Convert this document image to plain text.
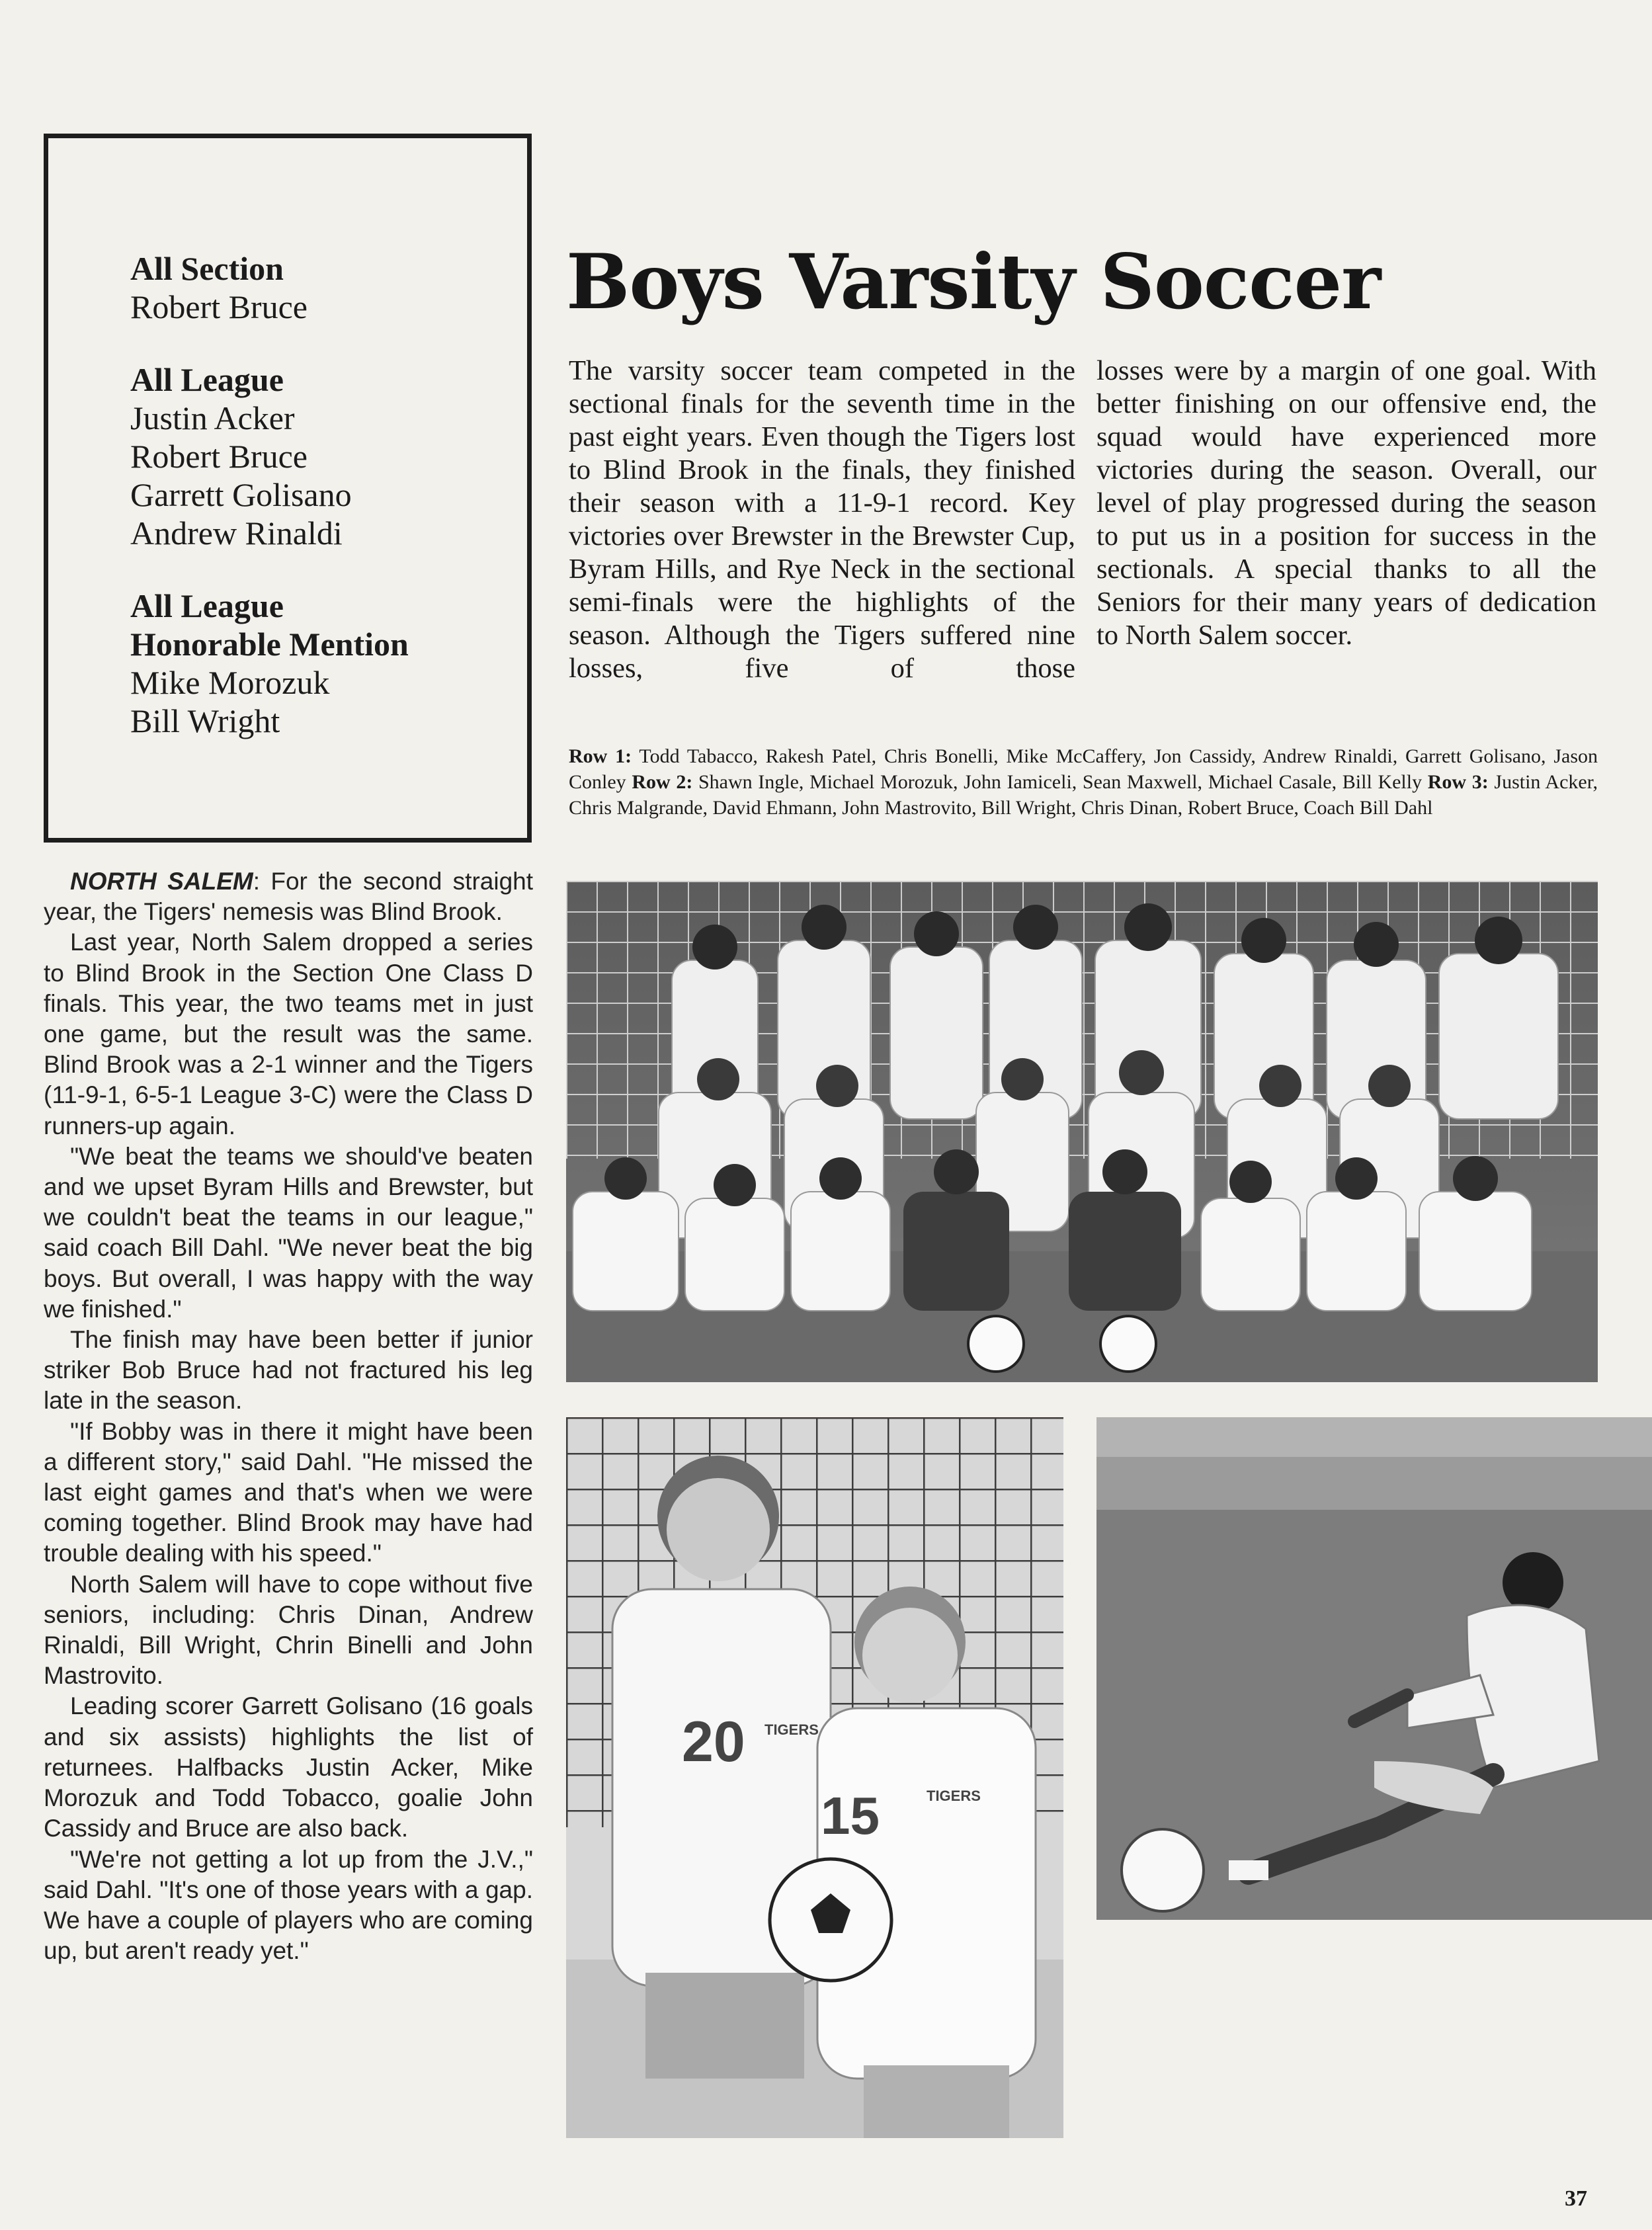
All Section
Robert Bruce
All League
Justin Acker
Robert Bruce
Garrett Golisano
Andrew Rinaldi
All League
Honorable Mention
Mike Morozuk
Bill Wright
Boys Varsity Soccer
The varsity soccer team competed in the sectional finals for the seventh time in the past eight years. Even though the Tigers lost to Blind Brook in the finals, they finished their season with a 11-9-1 record. Key victories over Brewster in the Brewster Cup, Byram Hills, and Rye Neck in the sectional semi-finals were the highlights of the season. Although the Tigers suffered nine losses, five of those
losses were by a margin of one goal. With better finishing on our offensive end, the squad would have experienced more victories during the season. Overall, our level of play progressed during the season to put us in a position for success in the sectionals. A special thanks to all the Seniors for their many years of dedication to North Salem soccer.
Row 1: Todd Tabacco, Rakesh Patel, Chris Bonelli, Mike McCaffery, Jon Cassidy, Andrew Rinaldi, Garrett Golisano, Jason Conley Row 2: Shawn Ingle, Michael Morozuk, John Iamiceli, Sean Maxwell, Michael Casale, Bill Kelly Row 3: Justin Acker, Chris Malgrande, David Ehmann, John Mastrovito, Bill Wright, Chris Dinan, Robert Bruce, Coach Bill Dahl

NORTH SALEM: For the second straight year, the Tigers' nemesis was Blind Brook.

Last year, North Salem dropped a series to Blind Brook in the Section One Class D finals. This year, the two teams met in just one game, but the result was the same. Blind Brook was a 2-1 winner and the Tigers (11-9-1, 6-5-1 League 3-C) were the Class D runners-up again.

"We beat the teams we should've beaten and we upset Byram Hills and Brewster, but we couldn't beat the teams in our league," said coach Bill Dahl. "We never beat the big boys. But overall, I was happy with the way we finished."

The finish may have been better if junior striker Bob Bruce had not fractured his leg late in the season.

"If Bobby was in there it might have been a different story," said Dahl. "He missed the last eight games and that's when we were coming together. Blind Brook may have had trouble dealing with his speed."

North Salem will have to cope without five seniors, including: Chris Dinan, Andrew Rinaldi, Bill Wright, Chrin Binelli and John Mastrovito.

Leading scorer Garrett Golisano (16 goals and six assists) highlights the list of returnees. Halfbacks Justin Acker, Mike Morozuk and Todd Tobacco, goalie John Cassidy and Bruce are also back.

"We're not getting a lot up from the J.V.," said Dahl. "It's one of those years with a gap. We have a couple of players who are coming up, but aren't ready yet."

20 TIGERS
15	TIGERS
37
